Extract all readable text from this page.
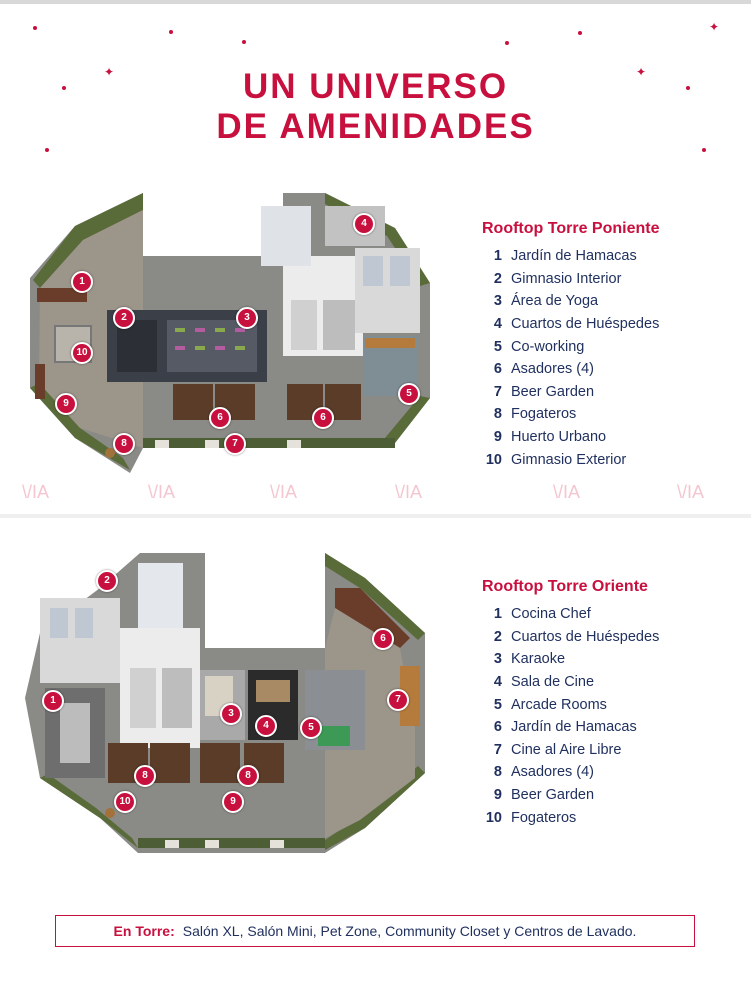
✦
✦	✦
UN UNIVERSO
DE AMENIDADES
1
2	3
4
5
6	6
7
8
9
10
Rooftop Torre Poniente
1 Jardín de Hamacas
2 Gimnasio Interior
3 Área de Yoga
4 Cuartos de Huéspedes
5 Co-working
6 Asadores (4)
7 Beer Garden
8 Fogateros
9 Huerto Urbano
10 Gimnasio Exterior
\/IA	\/IA	\/IA	\/IA	\/IA	\/IA
2
1
3
4	5
6
7
8	8
9
10
Rooftop Torre Oriente
1 Cocina Chef
2 Cuartos de Huéspedes
3 Karaoke
4 Sala de Cine
5 Arcade Rooms
6 Jardín de Hamacas
7 Cine al Aire Libre
8 Asadores (4)
9 Beer Garden
10 Fogateros
En Torre: Salón XL, Salón Mini, Pet Zone, Community Closet y Centros de Lavado.
